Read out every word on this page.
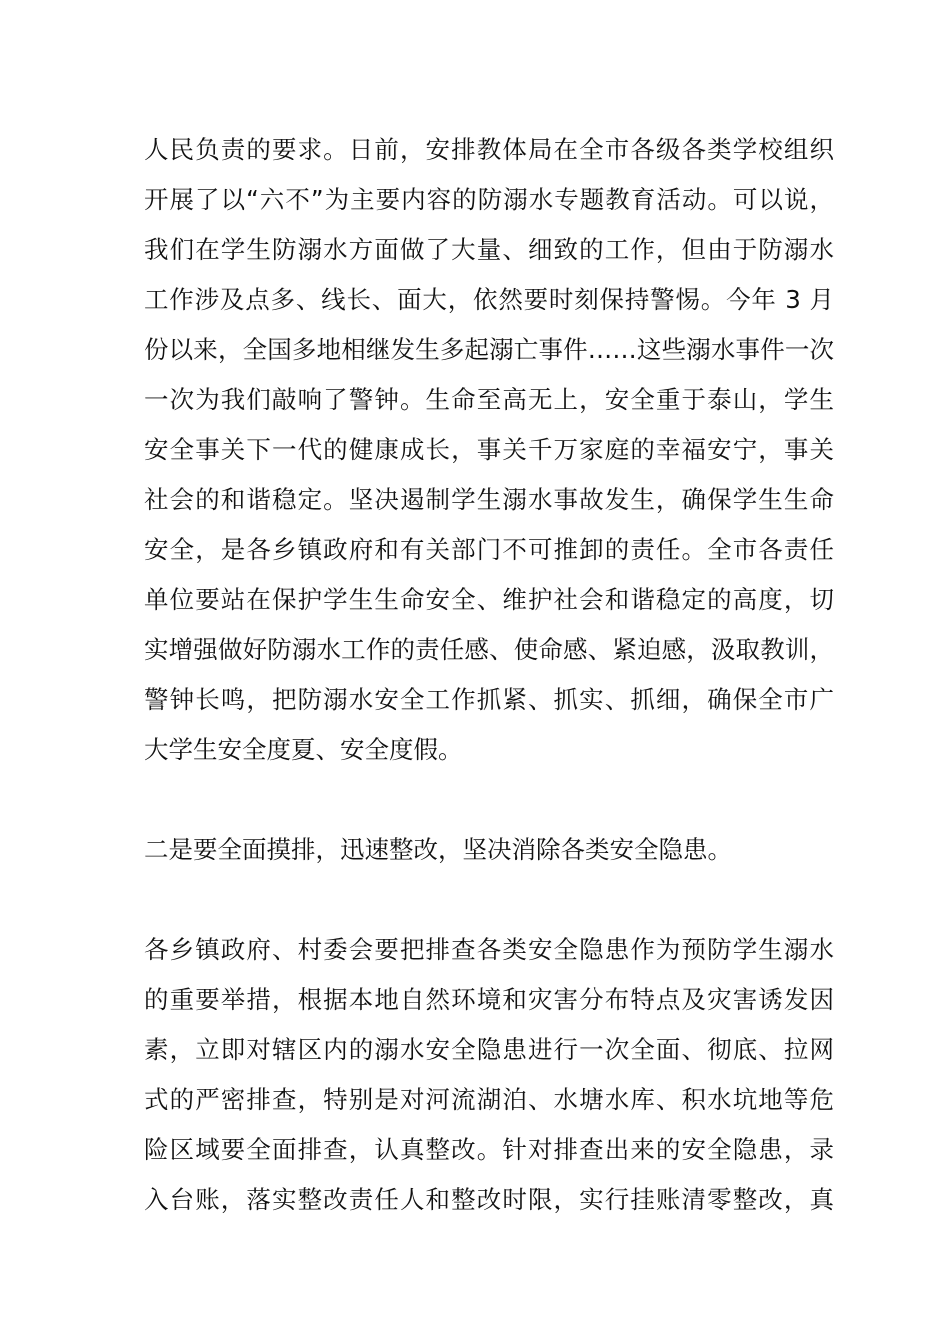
人民负责的要求。日前，安排教体局在全市各级各类学校组织
开展了以“六不”为主要内容的防溺水专题教育活动。可以说，
我们在学生防溺水方面做了大量、细致的工作，但由于防溺水
工作涉及点多、线长、面大，依然要时刻保持警惕。今年 3 月
份以来，全国多地相继发生多起溺亡事件……这些溺水事件一次
一次为我们敲响了警钟。生命至高无上，安全重于泰山，学生
安全事关下一代的健康成长，事关千万家庭的幸福安宁，事关
社会的和谐稳定。坚决遏制学生溺水事故发生，确保学生生命
安全，是各乡镇政府和有关部门不可推卸的责任。全市各责任
单位要站在保护学生生命安全、维护社会和谐稳定的高度，切
实增强做好防溺水工作的责任感、使命感、紧迫感，汲取教训，
警钟长鸣，把防溺水安全工作抓紧、抓实、抓细，确保全市广
大学生安全度夏、安全度假。
二是要全面摸排，迅速整改，坚决消除各类安全隐患。
各乡镇政府、村委会要把排查各类安全隐患作为预防学生溺水
的重要举措，根据本地自然环境和灾害分布特点及灾害诱发因
素，立即对辖区内的溺水安全隐患进行一次全面、彻底、拉网
式的严密排查，特别是对河流湖泊、水塘水库、积水坑地等危
险区域要全面排查，认真整改。针对排查出来的安全隐患，录
入台账，落实整改责任人和整改时限，实行挂账清零整改，真
